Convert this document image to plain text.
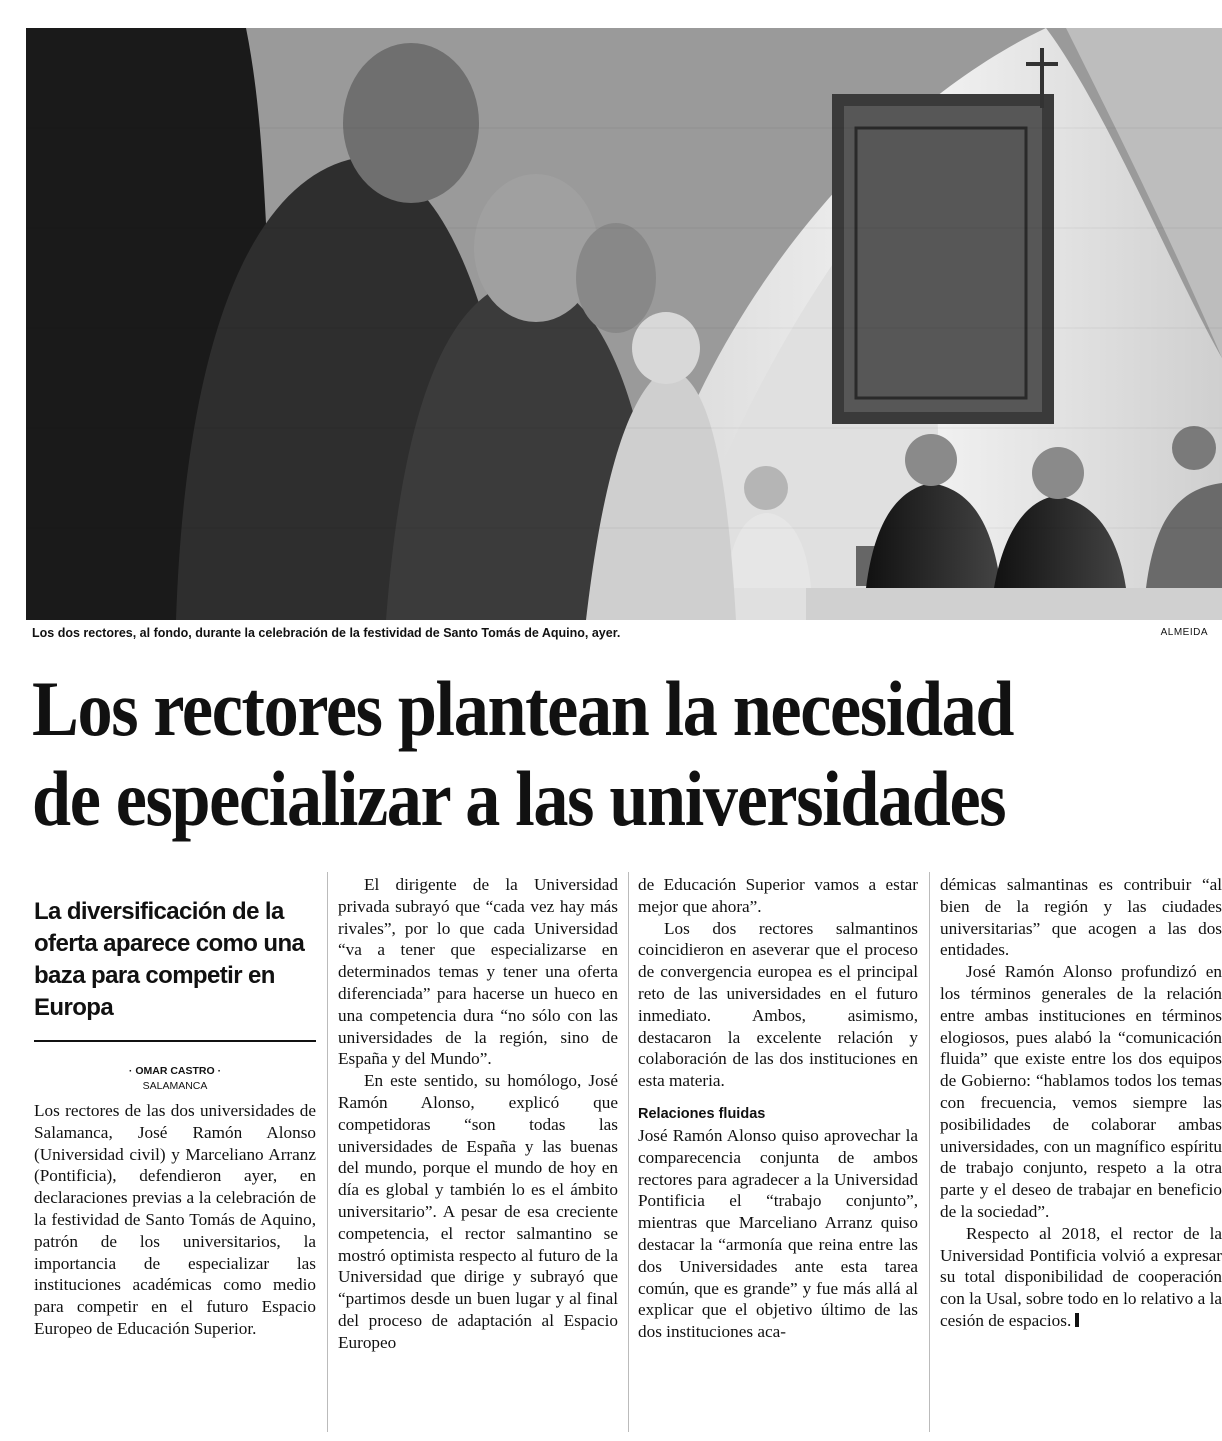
Los dos rectores, al fondo, durante la celebración de la festividad de Santo Tomás de Aquino, ayer.	ALMEIDA
Los rectores plantean la necesidad
de especializar a las universidades
La diversificación de la oferta aparece como una baza para competir en Europa
· OMAR CASTRO ·
SALAMANCA

Los rectores de las dos universidades de Salamanca, José Ramón Alonso (Universidad civil) y Marceliano Arranz (Pontificia), defendieron ayer, en declaraciones previas a la celebración de la festividad de Santo Tomás de Aquino, patrón de los universitarios, la importancia de especializar las instituciones académicas como medio para competir en el futuro Espacio Europeo de Educación Superior.

El dirigente de la Universidad privada subrayó que “cada vez hay más rivales”, por lo que cada Universidad “va a tener que especializarse en determinados temas y tener una oferta diferenciada” para hacerse un hueco en una competencia dura “no sólo con las universidades de la región, sino de España y del Mundo”.

En este sentido, su homólogo, José Ramón Alonso, explicó que competidoras “son todas las universidades de España y las buenas del mundo, porque el mundo de hoy en día es global y también lo es el ámbito universitario”. A pesar de esa creciente competencia, el rector salmantino se mostró optimista respecto al futuro de la Universidad que dirige y subrayó que “partimos desde un buen lugar y al final del proceso de adaptación al Espacio Europeo

de Educación Superior vamos a estar mejor que ahora”.

Los dos rectores salmantinos coincidieron en aseverar que el proceso de convergencia europea es el principal reto de las universidades en el futuro inmediato. Ambos, asimismo, destacaron la excelente relación y colaboración de las dos instituciones en esta materia.

Relaciones fluidas

José Ramón Alonso quiso aprovechar la comparecencia conjunta de ambos rectores para agradecer a la Universidad Pontificia el “trabajo conjunto”, mientras que Marceliano Arranz quiso destacar la “armonía que reina entre las dos Universidades ante esta tarea común, que es grande” y fue más allá al explicar que el objetivo último de las dos instituciones aca-

démicas salmantinas es contribuir “al bien de la región y las ciudades universitarias” que acogen a las dos entidades.

José Ramón Alonso profundizó en los términos generales de la relación entre ambas instituciones en términos elogiosos, pues alabó la “comunicación fluida” que existe entre los dos equipos de Gobierno: “hablamos todos los temas con frecuencia, vemos siempre las posibilidades de colaborar ambas universidades, con un magnífico espíritu de trabajo conjunto, respeto a la otra parte y el deseo de trabajar en beneficio de la sociedad”.

Respecto al 2018, el rector de la Universidad Pontificia volvió a expresar su total disponibilidad de cooperación con la Usal, sobre todo en lo relativo a la cesión de espacios.
